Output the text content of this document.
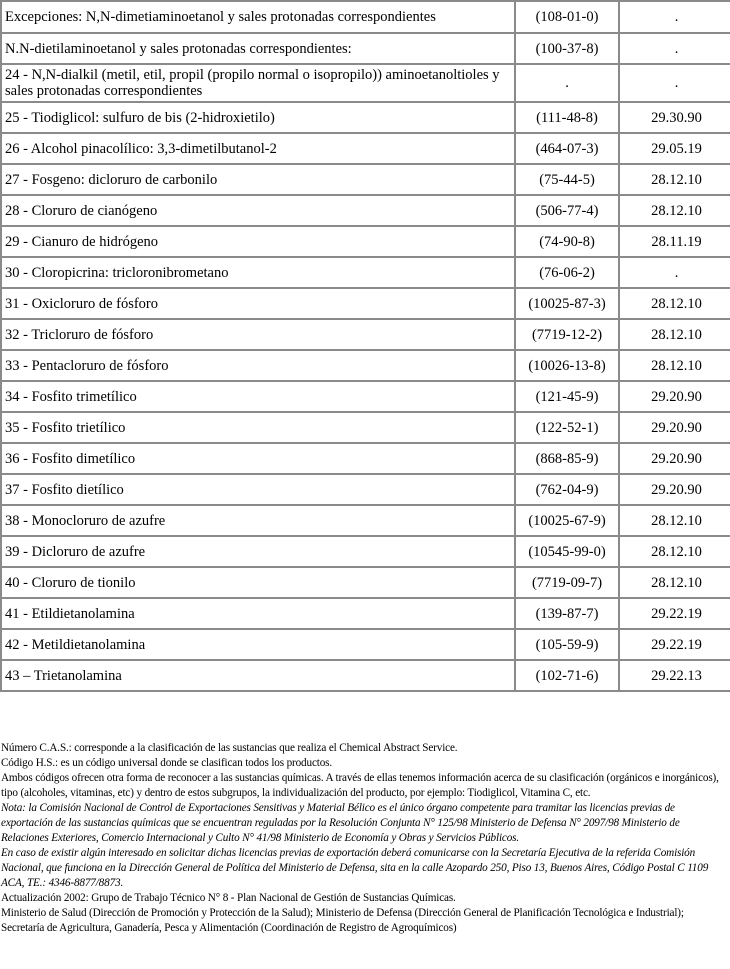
Excepciones: N,N-dimetiaminoetanol y sales protonadas correspondientes	(108-01-0)	.
N.N-dietilaminoetanol y sales protonadas correspondientes:	(100-37-8)	.
24 - N,N-dialkil (metil, etil, propil (propilo normal o isopropilo)) aminoetanoltioles y sales protonadas correspondientes	.	.
25 - Tiodiglicol: sulfuro de bis (2-hidroxietilo)	(111-48-8)	29.30.90
26 - Alcohol pinacolílico: 3,3-dimetilbutanol-2	(464-07-3)	29.05.19
27 - Fosgeno: dicloruro de carbonilo	(75-44-5)	28.12.10
28 - Cloruro de cianógeno	(506-77-4)	28.12.10
29 - Cianuro de hidrógeno	(74-90-8)	28.11.19
30 - Cloropicrina: tricloronibrometano	(76-06-2)	.
31 - Oxicloruro de fósforo	(10025-87-3)	28.12.10
32 - Tricloruro de fósforo	(7719-12-2)	28.12.10
33 - Pentacloruro de fósforo	(10026-13-8)	28.12.10
34 - Fosfito trimetílico	(121-45-9)	29.20.90
35 - Fosfito trietílico	(122-52-1)	29.20.90
36 - Fosfito dimetílico	(868-85-9)	29.20.90
37 - Fosfito dietílico	(762-04-9)	29.20.90
38 - Monocloruro de azufre	(10025-67-9)	28.12.10
39 - Dicloruro de azufre	(10545-99-0)	28.12.10
40 - Cloruro de tionilo	(7719-09-7)	28.12.10
41 - Etildietanolamina	(139-87-7)	29.22.19
42 - Metildietanolamina	(105-59-9)	29.22.19
43 – Trietanolamina	(102-71-6)	29.22.13

Número C.A.S.: corresponde a la clasificación de las sustancias que realiza el Chemical Abstract Service.

Código H.S.: es un código universal donde se clasifican todos los productos.

Ambos códigos ofrecen otra forma de reconocer a las sustancias químicas. A través de ellas tenemos información acerca de su clasificación (orgánicos e inorgánicos), tipo (alcoholes, vitaminas, etc) y dentro de estos subgrupos, la individualización del producto, por ejemplo: Tiodiglicol, Vitamina C, etc.

Nota: la Comisión Nacional de Control de Exportaciones Sensitivas y Material Bélico es el único órgano competente para tramitar las licencias previas de exportación de las sustancias químicas que se encuentran reguladas por la Resolución Conjunta N° 125/98 Ministerio de Defensa N° 2097/98 Ministerio de Relaciones Exteriores, Comercio Internacional y Culto N° 41/98 Ministerio de Economía y Obras y Servicios Públicos.

En caso de existir algún interesado en solicitar dichas licencias previas de exportación deberá comunicarse con la Secretaría Ejecutiva de la referida Comisión Nacional, que funciona en la Dirección General de Política del Ministerio de Defensa, sita en la calle Azopardo 250, Piso 13, Buenos Aires, Código Postal C 1109 ACA, TE.: 4346-8877/8873.

Actualización 2002: Grupo de Trabajo Técnico N° 8 - Plan Nacional de Gestión de Sustancias Químicas.

Ministerio de Salud (Dirección de Promoción y Protección de la Salud); Ministerio de Defensa (Dirección General de Planificación Tecnológica e Industrial); Secretaría de Agricultura, Ganadería, Pesca y Alimentación (Coordinación de Registro de Agroquímicos)
